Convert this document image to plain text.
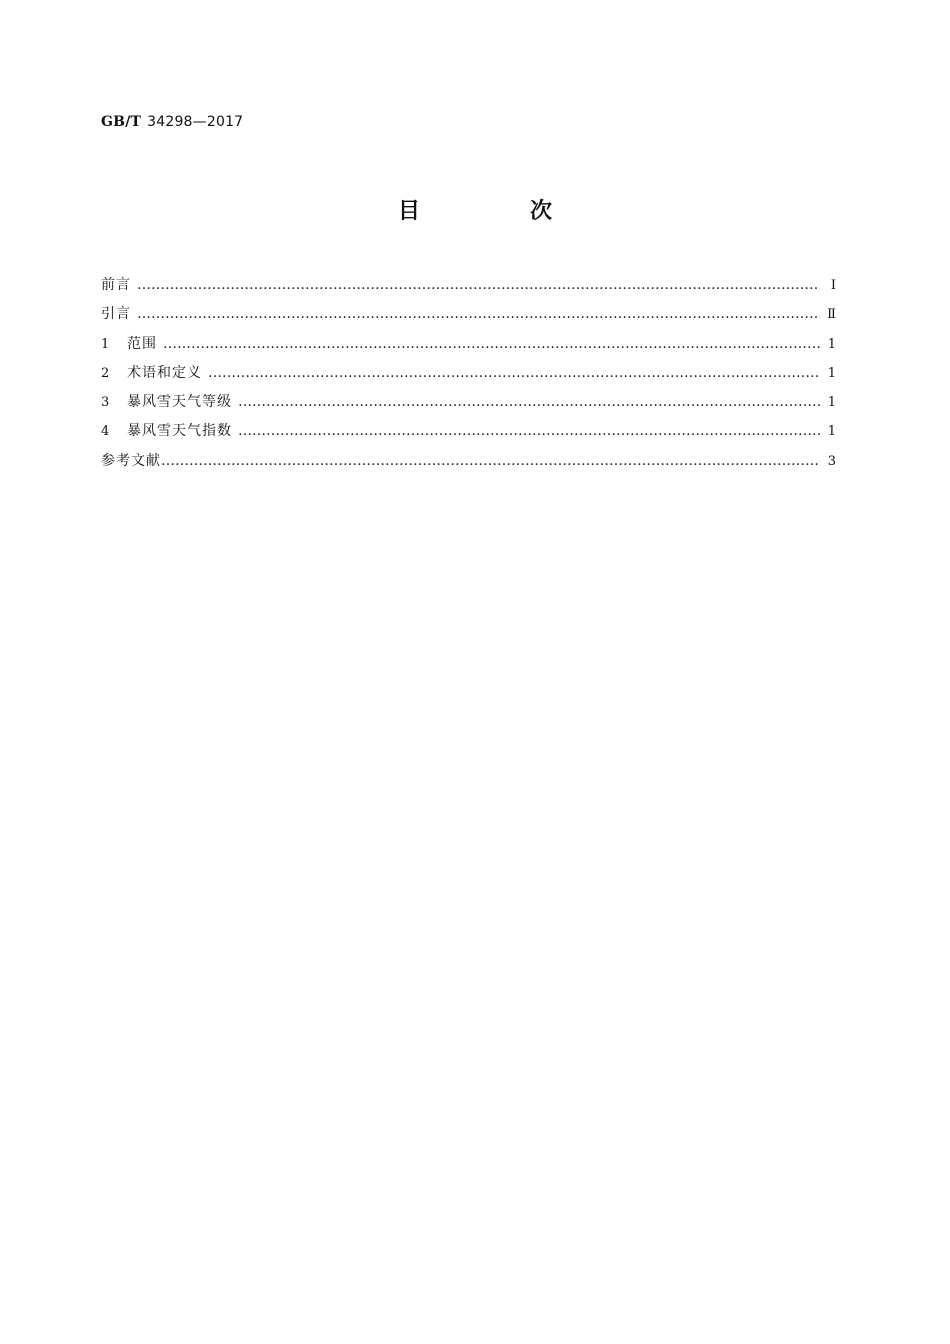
GB/T 34298—2017
目　次
前言 …………………………………………………………………………………………………………………………………………	Ⅰ
引言 …………………………………………………………………………………………………………………………………………	Ⅱ
1	范围 …………………………………………………………………………………………………………………………………………	1
2	术语和定义 …………………………………………………………………………………………………………………………………………	1
3	暴风雪天气等级 …………………………………………………………………………………………………………………………………………	1
4	暴风雪天气指数 …………………………………………………………………………………………………………………………………………	1
参考文献 …………………………………………………………………………………………………………………………………………	3
